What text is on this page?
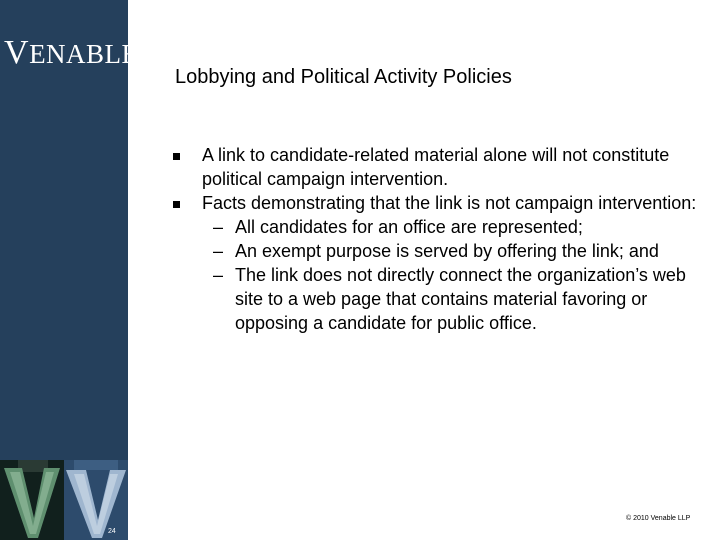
VENABLE®LLP
24
Lobbying and Political Activity Policies
A link to candidate-related material alone will not constitute political campaign intervention.
Facts demonstrating that the link is not campaign intervention:
– All candidates for an office are represented;
– An exempt purpose is served by offering the link; and
– The link does not directly connect the organization’s web site to a web page that contains material favoring or opposing a candidate for public office.
© 2010 Venable LLP
